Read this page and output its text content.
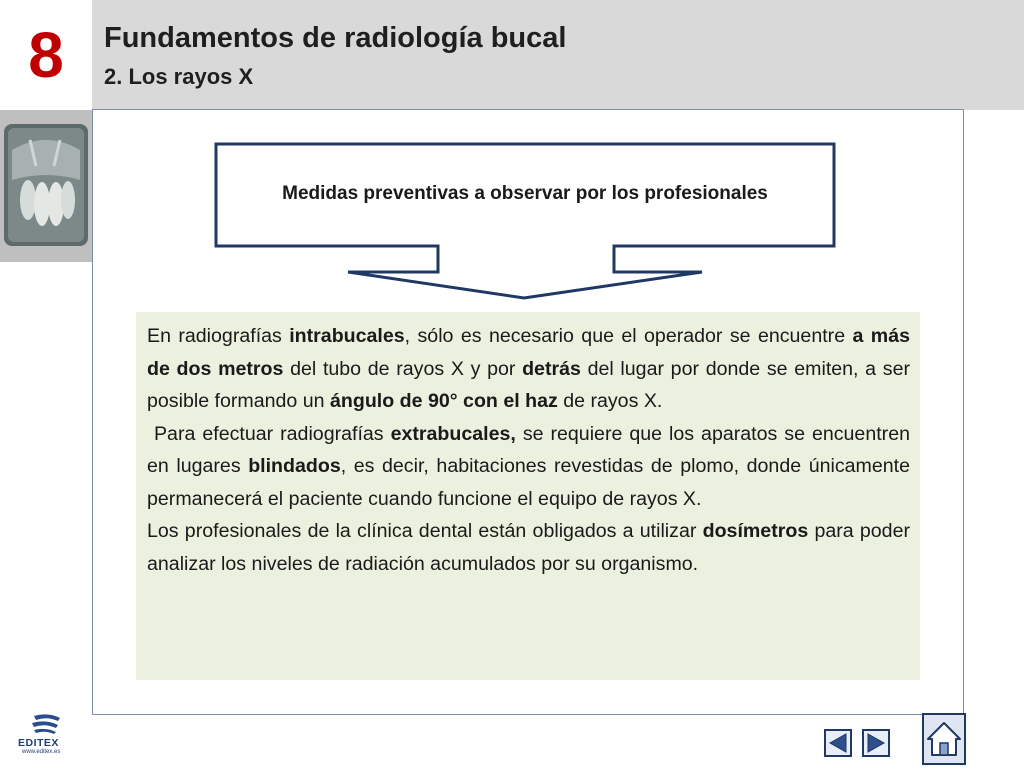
8 Fundamentos de radiología bucal
2. Los rayos X
Medidas preventivas a observar por los profesionales

En radiografías intrabucales, sólo es necesario que el operador se encuentre a más de dos metros del tubo de rayos X y por detrás del lugar por donde se emiten, a ser posible formando un ángulo de 90° con el haz de rayos X.

Para efectuar radiografías extrabucales, se requiere que los aparatos se encuentren en lugares blindados, es decir, habitaciones revestidas de plomo, donde únicamente permanecerá el paciente cuando funcione el equipo de rayos X.

Los profesionales de la clínica dental están obligados a utilizar dosímetros para poder analizar los niveles de radiación acumulados por su organismo.

EDITEX
www.editex.es
